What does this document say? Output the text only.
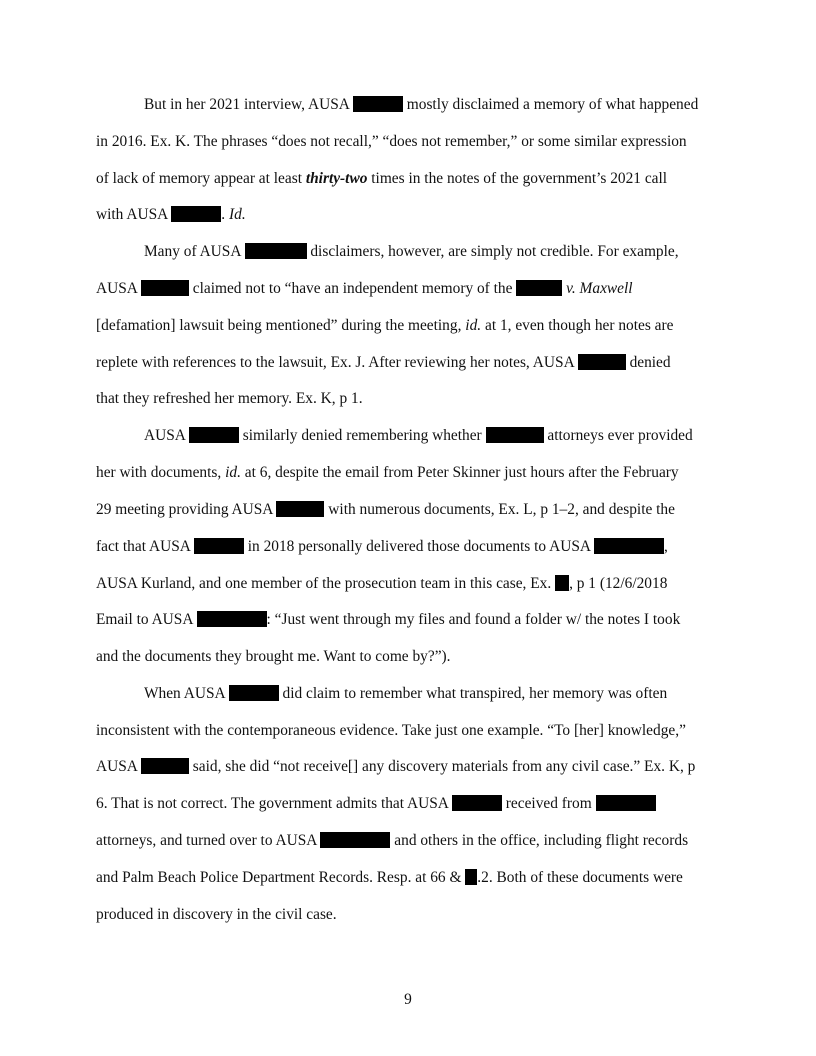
But in her 2021 interview, AUSA	mostly disclaimed a memory of what happened
in 2016. Ex. K. The phrases “does not recall,” “does not remember,” or some similar expression
of lack of memory appear at least thirty-two times in the notes of the government’s 2021 call
with AUSA	. Id.
Many of AUSA	disclaimers, however, are simply not credible. For example,
AUSA	claimed not to “have an independent memory of the	v. Maxwell
[defamation] lawsuit being mentioned” during the meeting, id. at 1, even though her notes are
replete with references to the lawsuit, Ex. J. After reviewing her notes, AUSA	denied
that they refreshed her memory. Ex. K, p 1.
AUSA	similarly denied remembering whether	attorneys ever provided
her with documents, id. at 6, despite the email from Peter Skinner just hours after the February
29 meeting providing AUSA	with numerous documents, Ex. L, p 1–2, and despite the
fact that AUSA	in 2018 personally delivered those documents to AUSA	,
AUSA Kurland, and one member of the prosecution team in this case, Ex. , p 1 (12/6/2018
Email to AUSA	: “Just went through my files and found a folder w/ the notes I took
and the documents they brought me. Want to come by?”).
When AUSA	did claim to remember what transpired, her memory was often
inconsistent with the contemporaneous evidence. Take just one example. “To [her] knowledge,”
AUSA	said, she did “not receive[] any discovery materials from any civil case.” Ex. K, p
6. That is not correct. The government admits that AUSA	received from
attorneys, and turned over to AUSA	and others in the office, including flight records
and Palm Beach Police Department Records. Resp. at 66 & .2. Both of these documents were
produced in discovery in the civil case.
9
